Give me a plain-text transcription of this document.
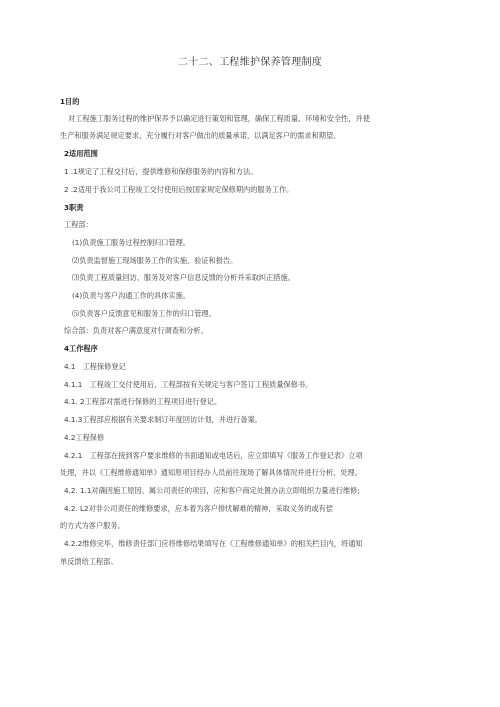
二十二、工程维护保养管理制度
1目的
对工程施工服务过程的维护保养予以确定进行策划和管理，确保工程质量、环境和安全性，并使
生产和服务满足规定要求，充分履行对客户做出的质量承诺，以满足客户的需求和期望。
2适用范围
1 .1规定了工程交付后，提供维修和保修服务的内容和方法。
2 .2适用于我公司工程竣工交付使用后按国家规定保修期内的服务工作。
3职责
工程部：
(1)负责施工服务过程控制归口管理。
⑵负责监督施工现场服务工作的实施、验证和报告。
⑶负责工程质量回访、服务及对客户信息反馈的分析并采取纠正措施。
(4)负责与客户沟通工作的具体实施。
⑸负责客户反馈意见和服务工作的归口管理。
综合部：负责对客户满意度对行调查和分析。
4工作程序
4.1　工程保修登记
4.1.1　工程竣工交付使用后，工程部按有关规定与客户签订工程质量保修书。
4.1. 2工程部对需进行保修的工程项目进行登记。
4.1.3工程部应根据有关要求制订年度回访计划，并进行备案。
4.2工程保修
4.2.1　工程部在接到客户要求维修的书面通知或电话后，应立即填写《服务工作登记表》立项
处理，并以《工程维修通知单》通知原项目经办人员前往现场了解具体情况并进行分析、处理。
4.2. 1.1对确因施工原因、属公司责任的项目，应和客户商定处置办法立即组织力量进行维修;
4.2. L2对非公司责任的维修要求，应本着为客户排忧解难的精神，采取义务的或有偿
的方式为客户服务。
4.2.2维修完毕，维修责任部门应将维修结果填写在《工程维修通知单》的相关栏目内，将通知
单反馈给工程部。
